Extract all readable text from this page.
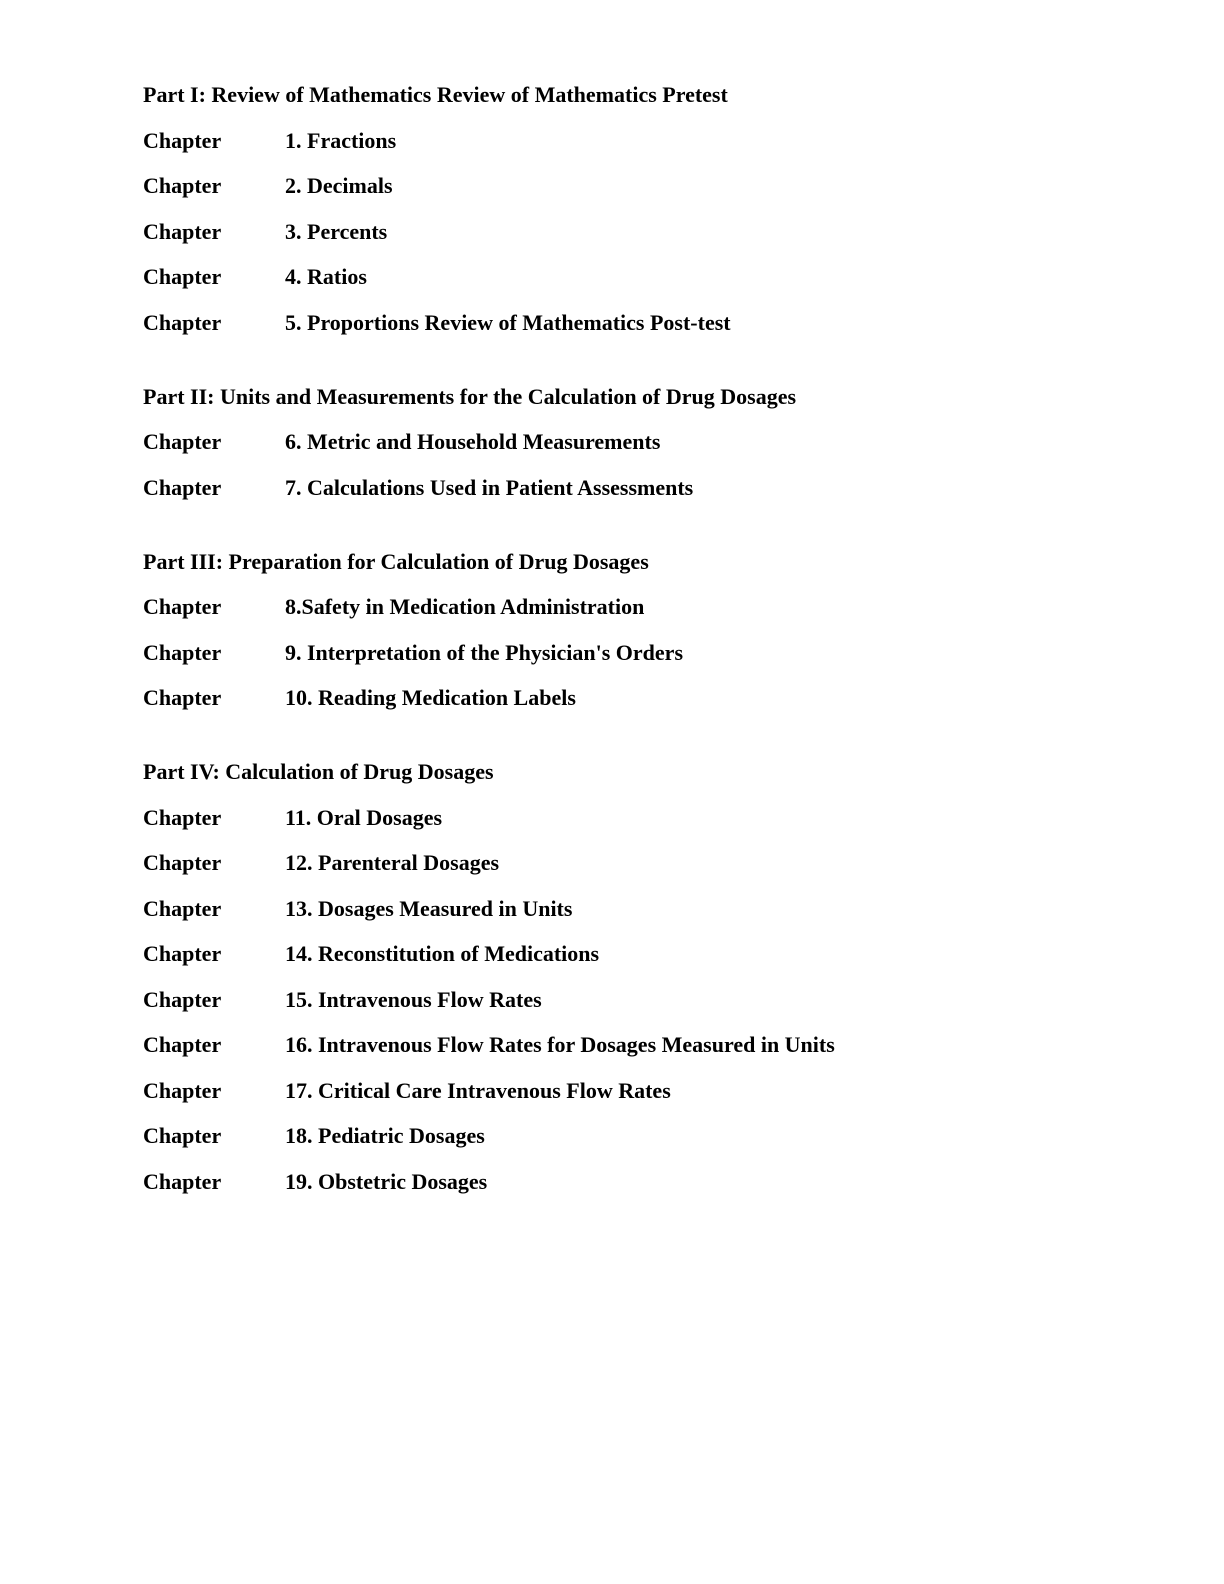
Part I: Review of Mathematics Review of Mathematics Pretest
Chapter	1. Fractions
Chapter	2. Decimals
Chapter	3. Percents
Chapter	4. Ratios
Chapter	5. Proportions Review of Mathematics Post-test
Part II: Units and Measurements for the Calculation of Drug Dosages
Chapter	6. Metric and Household Measurements
Chapter	7. Calculations Used in Patient Assessments
Part III: Preparation for Calculation of Drug Dosages
Chapter	8.Safety in Medication Administration
Chapter	9. Interpretation of the Physician's Orders
Chapter	10. Reading Medication Labels
Part IV: Calculation of Drug Dosages
Chapter	11. Oral Dosages
Chapter	12. Parenteral Dosages
Chapter	13. Dosages Measured in Units
Chapter	14. Reconstitution of Medications
Chapter	15. Intravenous Flow Rates
Chapter	16. Intravenous Flow Rates for Dosages Measured in Units
Chapter	17. Critical Care Intravenous Flow Rates
Chapter	18. Pediatric Dosages
Chapter	19. Obstetric Dosages
